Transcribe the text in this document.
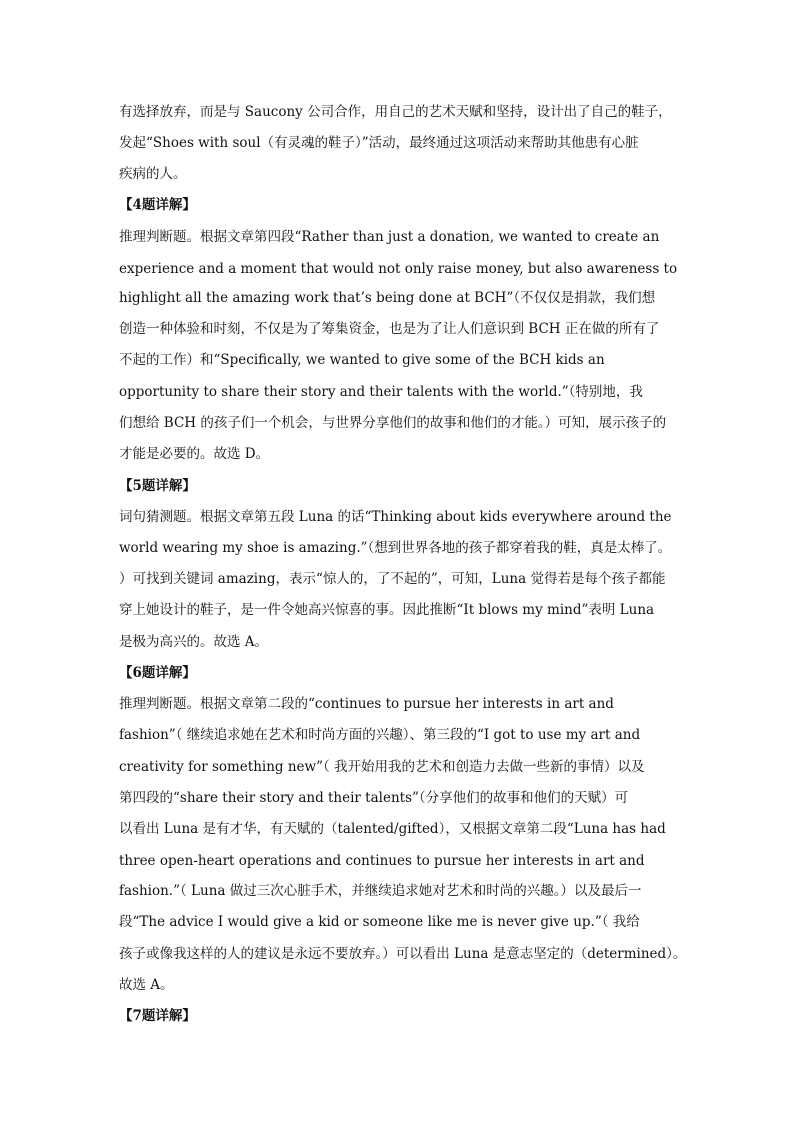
有选择放弃，而是与 Saucony 公司合作，用自己的艺术天赋和坚持，设计出了自己的鞋子，
发起“Shoes with soul（有灵魂的鞋子）”活动，最终通过这项活动来帮助其他患有心脏
疾病的人。
【4题详解】
推理判断题。根据文章第四段“Rather than just a donation, we wanted to create an
experience and a moment that would not only raise money, but also awareness to
highlight all the amazing work that’s being done at BCH”（不仅仅是捐款，我们想
创造一种体验和时刻，不仅是为了筹集资金，也是为了让人们意识到 BCH 正在做的所有了
不起的工作）和“Specifically, we wanted to give some of the BCH kids an
opportunity to share their story and their talents with the world.”（特别地，我
们想给 BCH 的孩子们一个机会，与世界分享他们的故事和他们的才能。）可知，展示孩子的
才能是必要的。故选 D。
【5题详解】
词句猜测题。根据文章第五段 Luna 的话“Thinking about kids everywhere around the
world wearing my shoe is amazing.”（想到世界各地的孩子都穿着我的鞋，真是太棒了。
）可找到关键词 amazing，表示“惊人的，了不起的”，可知，Luna 觉得若是每个孩子都能
穿上她设计的鞋子，是一件令她高兴惊喜的事。因此推断“It blows my mind”表明 Luna
是极为高兴的。故选 A。
【6题详解】
推理判断题。根据文章第二段的“continues to pursue her interests in art and
fashion”（ 继续追求她在艺术和时尚方面的兴趣）、第三段的“I got to use my art and
creativity for something new”（ 我开始用我的艺术和创造力去做一些新的事情）以及
第四段的“share their story and their talents”（分享他们的故事和他们的天赋）可
以看出 Luna 是有才华，有天赋的（talented/gifted），又根据文章第二段“Luna has had
three open-heart operations and continues to pursue her interests in art and
fashion.”（ Luna 做过三次心脏手术，并继续追求她对艺术和时尚的兴趣。）以及最后一
段“The advice I would give a kid or someone like me is never give up.”（ 我给
孩子或像我这样的人的建议是永远不要放弃。）可以看出 Luna 是意志坚定的（determined）。
故选 A。
【7题详解】
